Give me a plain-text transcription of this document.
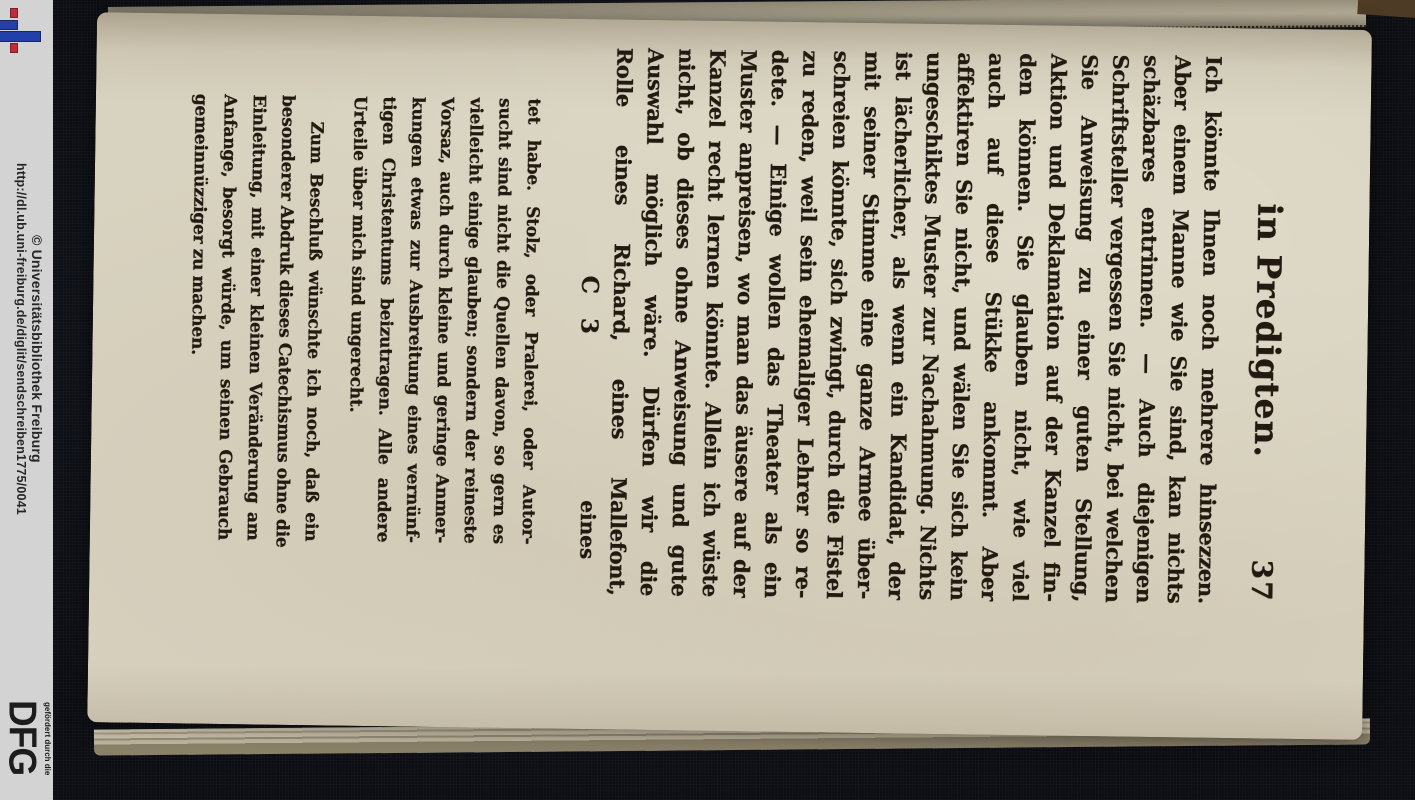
http://dl.ub.uni-freiburg.de/diglit/sendschreiben1775/0041 © Universitätsbibliothek Freiburg
gefördert durch die
DFG
in Predigten.
37
Ich könnte Ihnen noch mehrere hinsezzen.
Aber einem Manne wie Sie sind, kan nichts
schäzbares entrinnen. — Auch diejenigen
Schriftsteller vergessen Sie nicht, bei welchen
Sie Anweisung zu einer guten Stellung,
Aktion und Deklamation auf der Kanzel fin-
den können. Sie glauben nicht, wie viel
auch auf diese Stükke ankommt. Aber
affektiren Sie nicht, und wälen Sie sich kein
ungeschiktes Muster zur Nachahmung. Nichts
ist lächerlicher, als wenn ein Kandidat, der
mit seiner Stimme eine ganze Armee über-
schreien könnte, sich zwingt, durch die Fistel
zu reden, weil sein ehemaliger Lehrer so re-
dete. — Einige wollen das Theater als ein
Muster anpreisen, wo man das äusere auf der
Kanzel recht lernen könnte. Allein ich wüste
nicht, ob dieses ohne Anweisung und gute
Auswahl möglich wäre. Dürfen wir die
Rolle eines Richard, eines Mallefont,
C 3
eines
tet habe. Stolz, oder Pralerei, oder Autor-
sucht sind nicht die Quellen davon, so gern es
vielleicht einige glauben; sondern der reineste
Vorsaz, auch durch kleine und geringe Anmer-
kungen etwas zur Ausbreitung eines vernünf-
tigen Christentums beizutragen. Alle andere
Urteile über mich sind ungerecht.
Zum Beschluß wünschte ich noch, daß ein
besonderer Abdruk dieses Catechismus ohne die
Einleitung, mit einer kleinen Veränderung am
Anfange, besorgt würde, um seinen Gebrauch
gemeinnüzziger zu machen.
